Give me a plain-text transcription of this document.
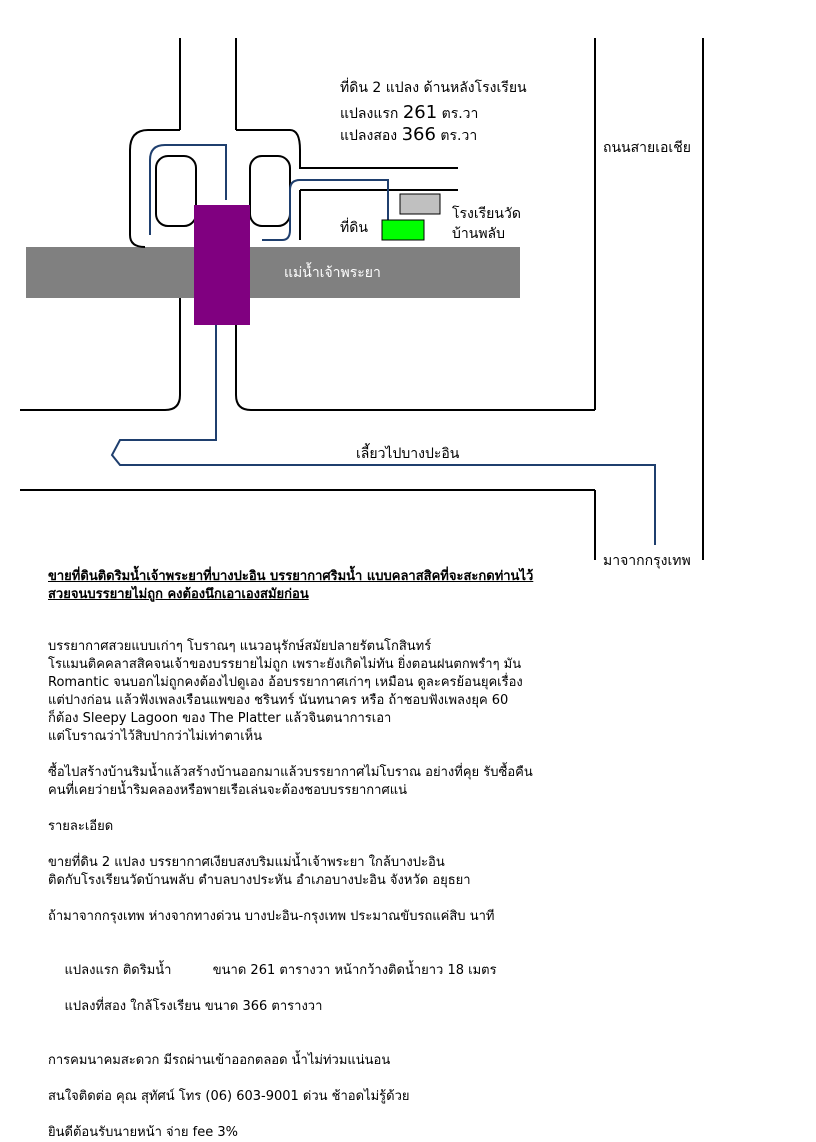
ที่ดิน 2 แปลง ด้านหลังโรงเรียน
แปลงแรก 261 ตร.วา
แปลงสอง 366 ตร.วา
ถนนสายเอเชีย
โรงเรียนวัด
บ้านพลับ
ที่ดิน
แม่น้ำเจ้าพระยา
เลี้ยวไปบางปะอิน
มาจากกรุงเทพ

ขายที่ดินติดริมน้ำเจ้าพระยาที่บางปะอิน บรรยากาศริมน้ำ แบบคลาสสิคที่จะสะกดท่านไว้
สวยจนบรรยายไม่ถูก คงต้องนึกเอาเองสมัยก่อน

บรรยากาศสวยแบบเก่าๆ โบราณๆ แนวอนุรักษ์สมัยปลายรัตนโกสินทร์
โรแมนติคคลาสสิคจนเจ้าของบรรยายไม่ถูก เพราะยังเกิดไม่ทัน ยิ่งตอนฝนตกพรำๆ มัน
Romantic จนบอกไม่ถูกคงต้องไปดูเอง อ้อบรรยากาศเก่าๆ เหมือน ดูละครย้อนยุคเรื่อง
แต่ปางก่อน แล้วฟังเพลงเรือนแพของ ชรินทร์ นันทนาคร หรือ ถ้าชอบฟังเพลงยุค 60
ก็ต้อง Sleepy Lagoon ของ The Platter แล้วจินตนาการเอา
แต่โบราณว่าไว้สิบปากว่าไม่เท่าตาเห็น

ซื้อไปสร้างบ้านริมน้ำแล้วสร้างบ้านออกมาแล้วบรรยากาศไม่โบราณ อย่างที่คุย รับซื้อคืน
คนที่เคยว่ายน้ำริมคลองหรือพายเรือเล่นจะต้องชอบบรรยากาศแน่

รายละเอียด

ขายที่ดิน 2 แปลง บรรยากาศเงียบสงบริมแม่น้ำเจ้าพระยา ใกล้บางปะอิน
ติดกับโรงเรียนวัดบ้านพลับ ตำบลบางประหัน อำเภอบางปะอิน จังหวัด อยุธยา

ถ้ามาจากกรุงเทพ ห่างจากทางด่วน บางปะอิน-กรุงเทพ ประมาณขับรถแค่สิบ นาที

แปลงแรก ติดริมน้ำ          ขนาด 261 ตารางวา หน้ากว้างติดน้ำยาว 18 เมตร

แปลงที่สอง ใกล้โรงเรียน ขนาด 366 ตารางวา

การคมนาคมสะดวก มีรถผ่านเข้าออกตลอด น้ำไม่ท่วมแน่นอน

สนใจติดต่อ คุณ สุทัศน์ โทร (06) 603-9001 ด่วน ช้าอดไม่รู้ด้วย

ยินดีต้อนรับนายหน้า จ่าย fee 3%
